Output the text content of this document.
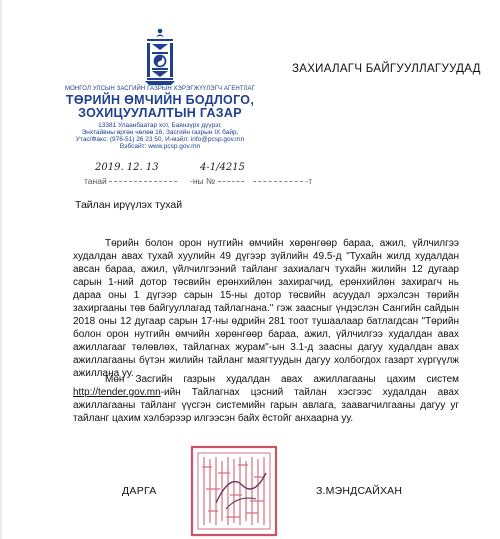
МОНГОЛ УЛСЫН ЗАСГИЙН ГАЗРЫН ХЭРЭГЖҮҮЛЭГЧ АГЕНТЛАГ
ТӨРИЙН ӨМЧИЙН БОДЛОГО,
ЗОХИЦУУЛАЛТЫН ГАЗАР
13381 Улаанбаатар хот, Баянзүрх дүүрэг,
Энхтайвны өргөн чөлөө 16, Засгийн газрын IX байр,
Утас/Факс: (976-51) 26 23 50, И-мэйл: info@pcsp.gov.mn
Вэбсайт: www.pcsp.gov.mn
ЗАХИАЛАГЧ БАЙГУУЛЛАГУУДАД
2019. 12. 13	4-1/4215
танай	-ны №	-т
Тайлан ирүүлэх тухай
Төрийн болон орон нутгийн өмчийн хөрөнгөөр бараа, ажил, үйлчилгээ худалдан авах тухай хуулийн 49 дүгээр зүйлийн 49.5-д "Тухайн жилд худалдан авсан бараа, ажил, үйлчилгээний тайланг захиалагч тухайн жилийн 12 дугаар сарын 1-ний дотор төсвийн ерөнхийлөн захирагчид, ерөнхийлөн захирагч нь дараа оны 1 дүгээр сарын 15-ны дотор төсвийн асуудал эрхэлсэн төрийн захиргааны төв байгууллагад тайлагнана." гэж заасныг үндэслэн Сангийн сайдын 2018 оны 12 дугаар сарын 17-ны өдрийн 281 тоот тушаалаар батлагдсан "Төрийн болон орон нутгийн өмчийн хөрөнгөөр бараа, ажил, үйлчилгээ худалдан авах ажиллагааг төлөвлөх, тайлагнах журам"-ын 3.1-д заасны дагуу худалдан авах ажиллагааны бүтэн жилийн тайланг маягтуудын дагуу холбогдох газарт хүргүүлж ажиллана уу.
Мөн Засгийн газрын худалдан авах ажиллагааны цахим систем http://tender.gov.mn-ийн Тайлагнах цэсний тайлан хэсгээс худалдан авах ажиллагааны тайланг үүсгэн системийн гарын авлага, заавarчилгааны дагуу уг тайланг цахим хэлбэрээр илгээсэн байх ёстойг анхаарна уу.
ДАРГА	З.МЭНДСАЙХАН
